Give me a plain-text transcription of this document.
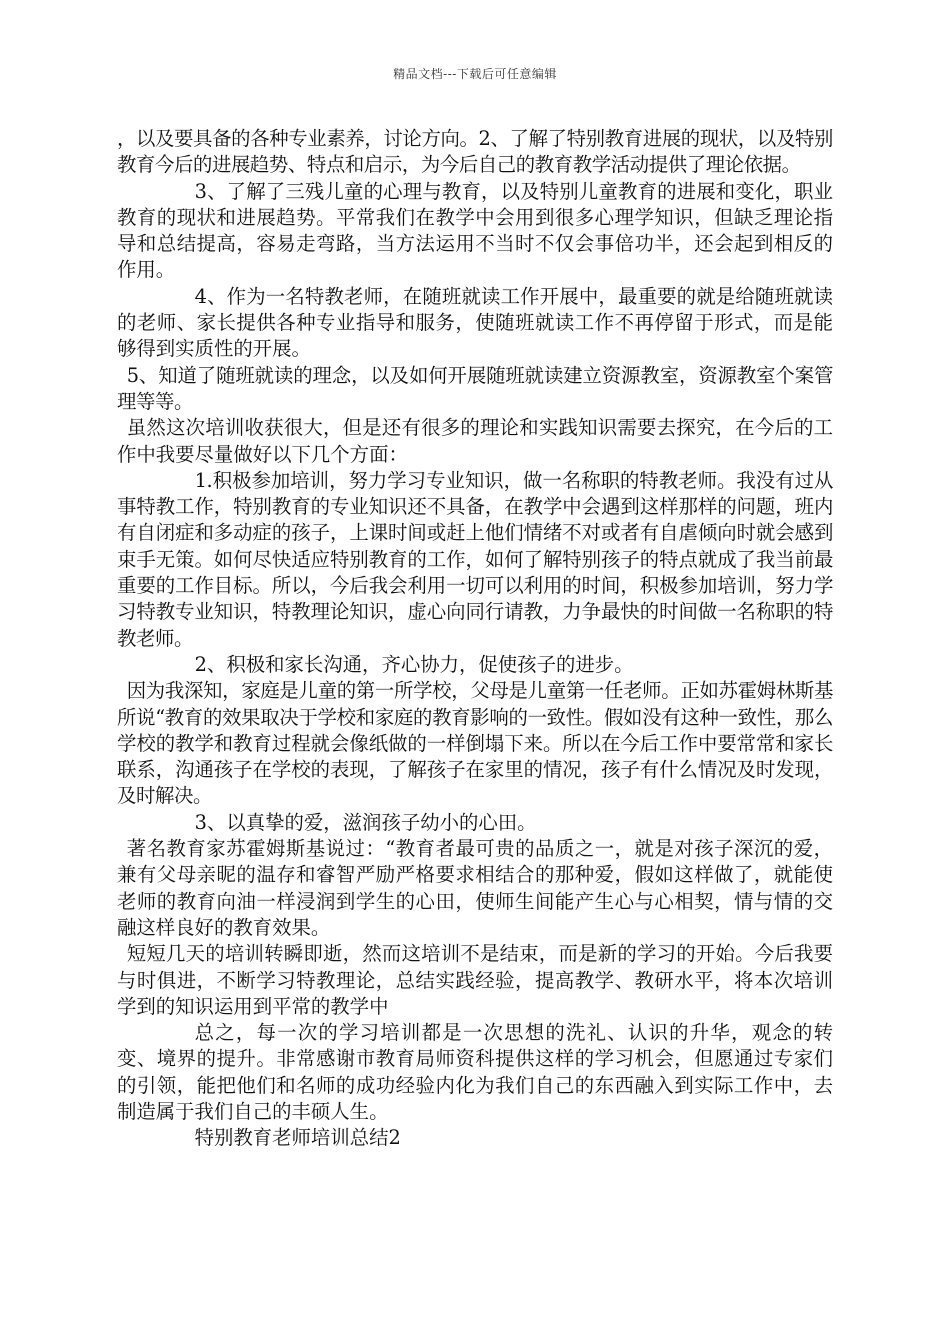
精品文档---下载后可任意编辑

，以及要具备的各种专业素养，讨论方向。2、了解了特别教育进展的现状，以及特别教育今后的进展趋势、特点和启示，为今后自己的教育教学活动提供了理论依据。

3、了解了三残儿童的心理与教育，以及特别儿童教育的进展和变化，职业教育的现状和进展趋势。平常我们在教学中会用到很多心理学知识，但缺乏理论指导和总结提高，容易走弯路，当方法运用不当时不仅会事倍功半，还会起到相反的作用。

4、作为一名特教老师，在随班就读工作开展中，最重要的就是给随班就读的老师、家长提供各种专业指导和服务，使随班就读工作不再停留于形式，而是能够得到实质性的开展。

5、知道了随班就读的理念，以及如何开展随班就读建立资源教室，资源教室个案管理等等。

虽然这次培训收获很大，但是还有很多的理论和实践知识需要去探究，在今后的工作中我要尽量做好以下几个方面：

1.积极参加培训，努力学习专业知识，做一名称职的特教老师。我没有过从事特教工作，特别教育的专业知识还不具备，在教学中会遇到这样那样的问题，班内有自闭症和多动症的孩子，上课时间或赶上他们情绪不对或者有自虐倾向时就会感到束手无策。如何尽快适应特别教育的工作，如何了解特别孩子的特点就成了我当前最重要的工作目标。所以，今后我会利用一切可以利用的时间，积极参加培训，努力学习特教专业知识，特教理论知识，虚心向同行请教，力争最快的时间做一名称职的特教老师。

2、积极和家长沟通，齐心协力，促使孩子的进步。

因为我深知，家庭是儿童的第一所学校，父母是儿童第一任老师。正如苏霍姆林斯基所说“教育的效果取决于学校和家庭的教育影响的一致性。假如没有这种一致性，那么学校的教学和教育过程就会像纸做的一样倒塌下来。所以在今后工作中要常常和家长联系，沟通孩子在学校的表现，了解孩子在家里的情况，孩子有什么情况及时发现，及时解决。

3、以真挚的爱，滋润孩子幼小的心田。

著名教育家苏霍姆斯基说过：“教育者最可贵的品质之一，就是对孩子深沉的爱，兼有父母亲昵的温存和睿智严励严格要求相结合的那种爱，假如这样做了，就能使老师的教育向油一样浸润到学生的心田，使师生间能产生心与心相契，情与情的交融这样良好的教育效果。

短短几天的培训转瞬即逝，然而这培训不是结束，而是新的学习的开始。今后我要与时俱进，不断学习特教理论，总结实践经验，提高教学、教研水平，将本次培训学到的知识运用到平常的教学中

总之，每一次的学习培训都是一次思想的洗礼、认识的升华，观念的转变、境界的提升。非常感谢市教育局师资科提供这样的学习机会，但愿通过专家们的引领，能把他们和名师的成功经验内化为我们自己的东西融入到实际工作中，去制造属于我们自己的丰硕人生。

特别教育老师培训总结2
